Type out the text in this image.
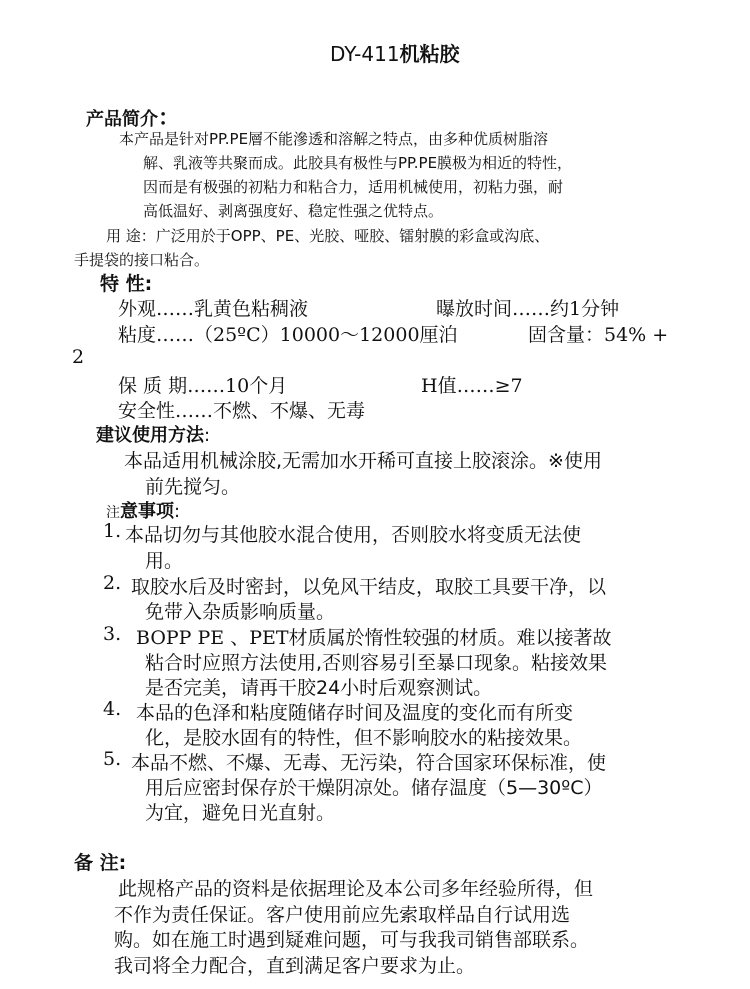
DY-411机粘胶
产品简介：
本产品是针对PP.PE層不能滲透和溶解之特点，由多种优质树脂溶
解、乳液等共聚而成。此胶具有极性与PP.PE膜极为相近的特性，
因而是有极强的初粘力和粘合力，适用机械使用，初粘力强，耐
高低温好、剥离强度好、稳定性强之优特点。
用 途：广泛用於于OPP、PE、光胶、哑胶、镭射膜的彩盒或沟底、
手提袋的接口粘合。
特 性:
外观……乳黄色粘稠液	曝放时间……约1分钟
粘度……（25ºC）10000～12000厘泊	固含量：54% +
2
保 质 期……10个月	H值……≥7
安全性……不燃、不爆、无毒
建议使用方法:
本品适用机械涂胶,无需加水开稀可直接上胶滚涂。※使用
前先搅匀。
注意事项:
1. 本品切勿与其他胶水混合使用，否则胶水将变质无法使
用。
2. 取胶水后及时密封，以免风干结皮，取胶工具要干净，以
免带入杂质影响质量。
3. BOPP PE 、PET材质属於惰性较强的材质。难以接著故
粘合时应照方法使用,否则容易引至暴口现象。粘接效果
是否完美，请再干胶24小时后观察测试。
4. 本品的色泽和粘度随储存时间及温度的变化而有所变
化，是胶水固有的特性，但不影响胶水的粘接效果。
5. 本品不燃、不爆、无毒、无污染，符合国家环保标准，使
用后应密封保存於干燥阴凉处。储存温度（5—30ºC）
为宜，避免日光直射。
备 注:
此规格产品的资料是依据理论及本公司多年经验所得，但
不作为责任保证。客户使用前应先索取样品自行试用选
购。如在施工时遇到疑难问题，可与我我司销售部联系。
我司将全力配合，直到满足客户要求为止。
